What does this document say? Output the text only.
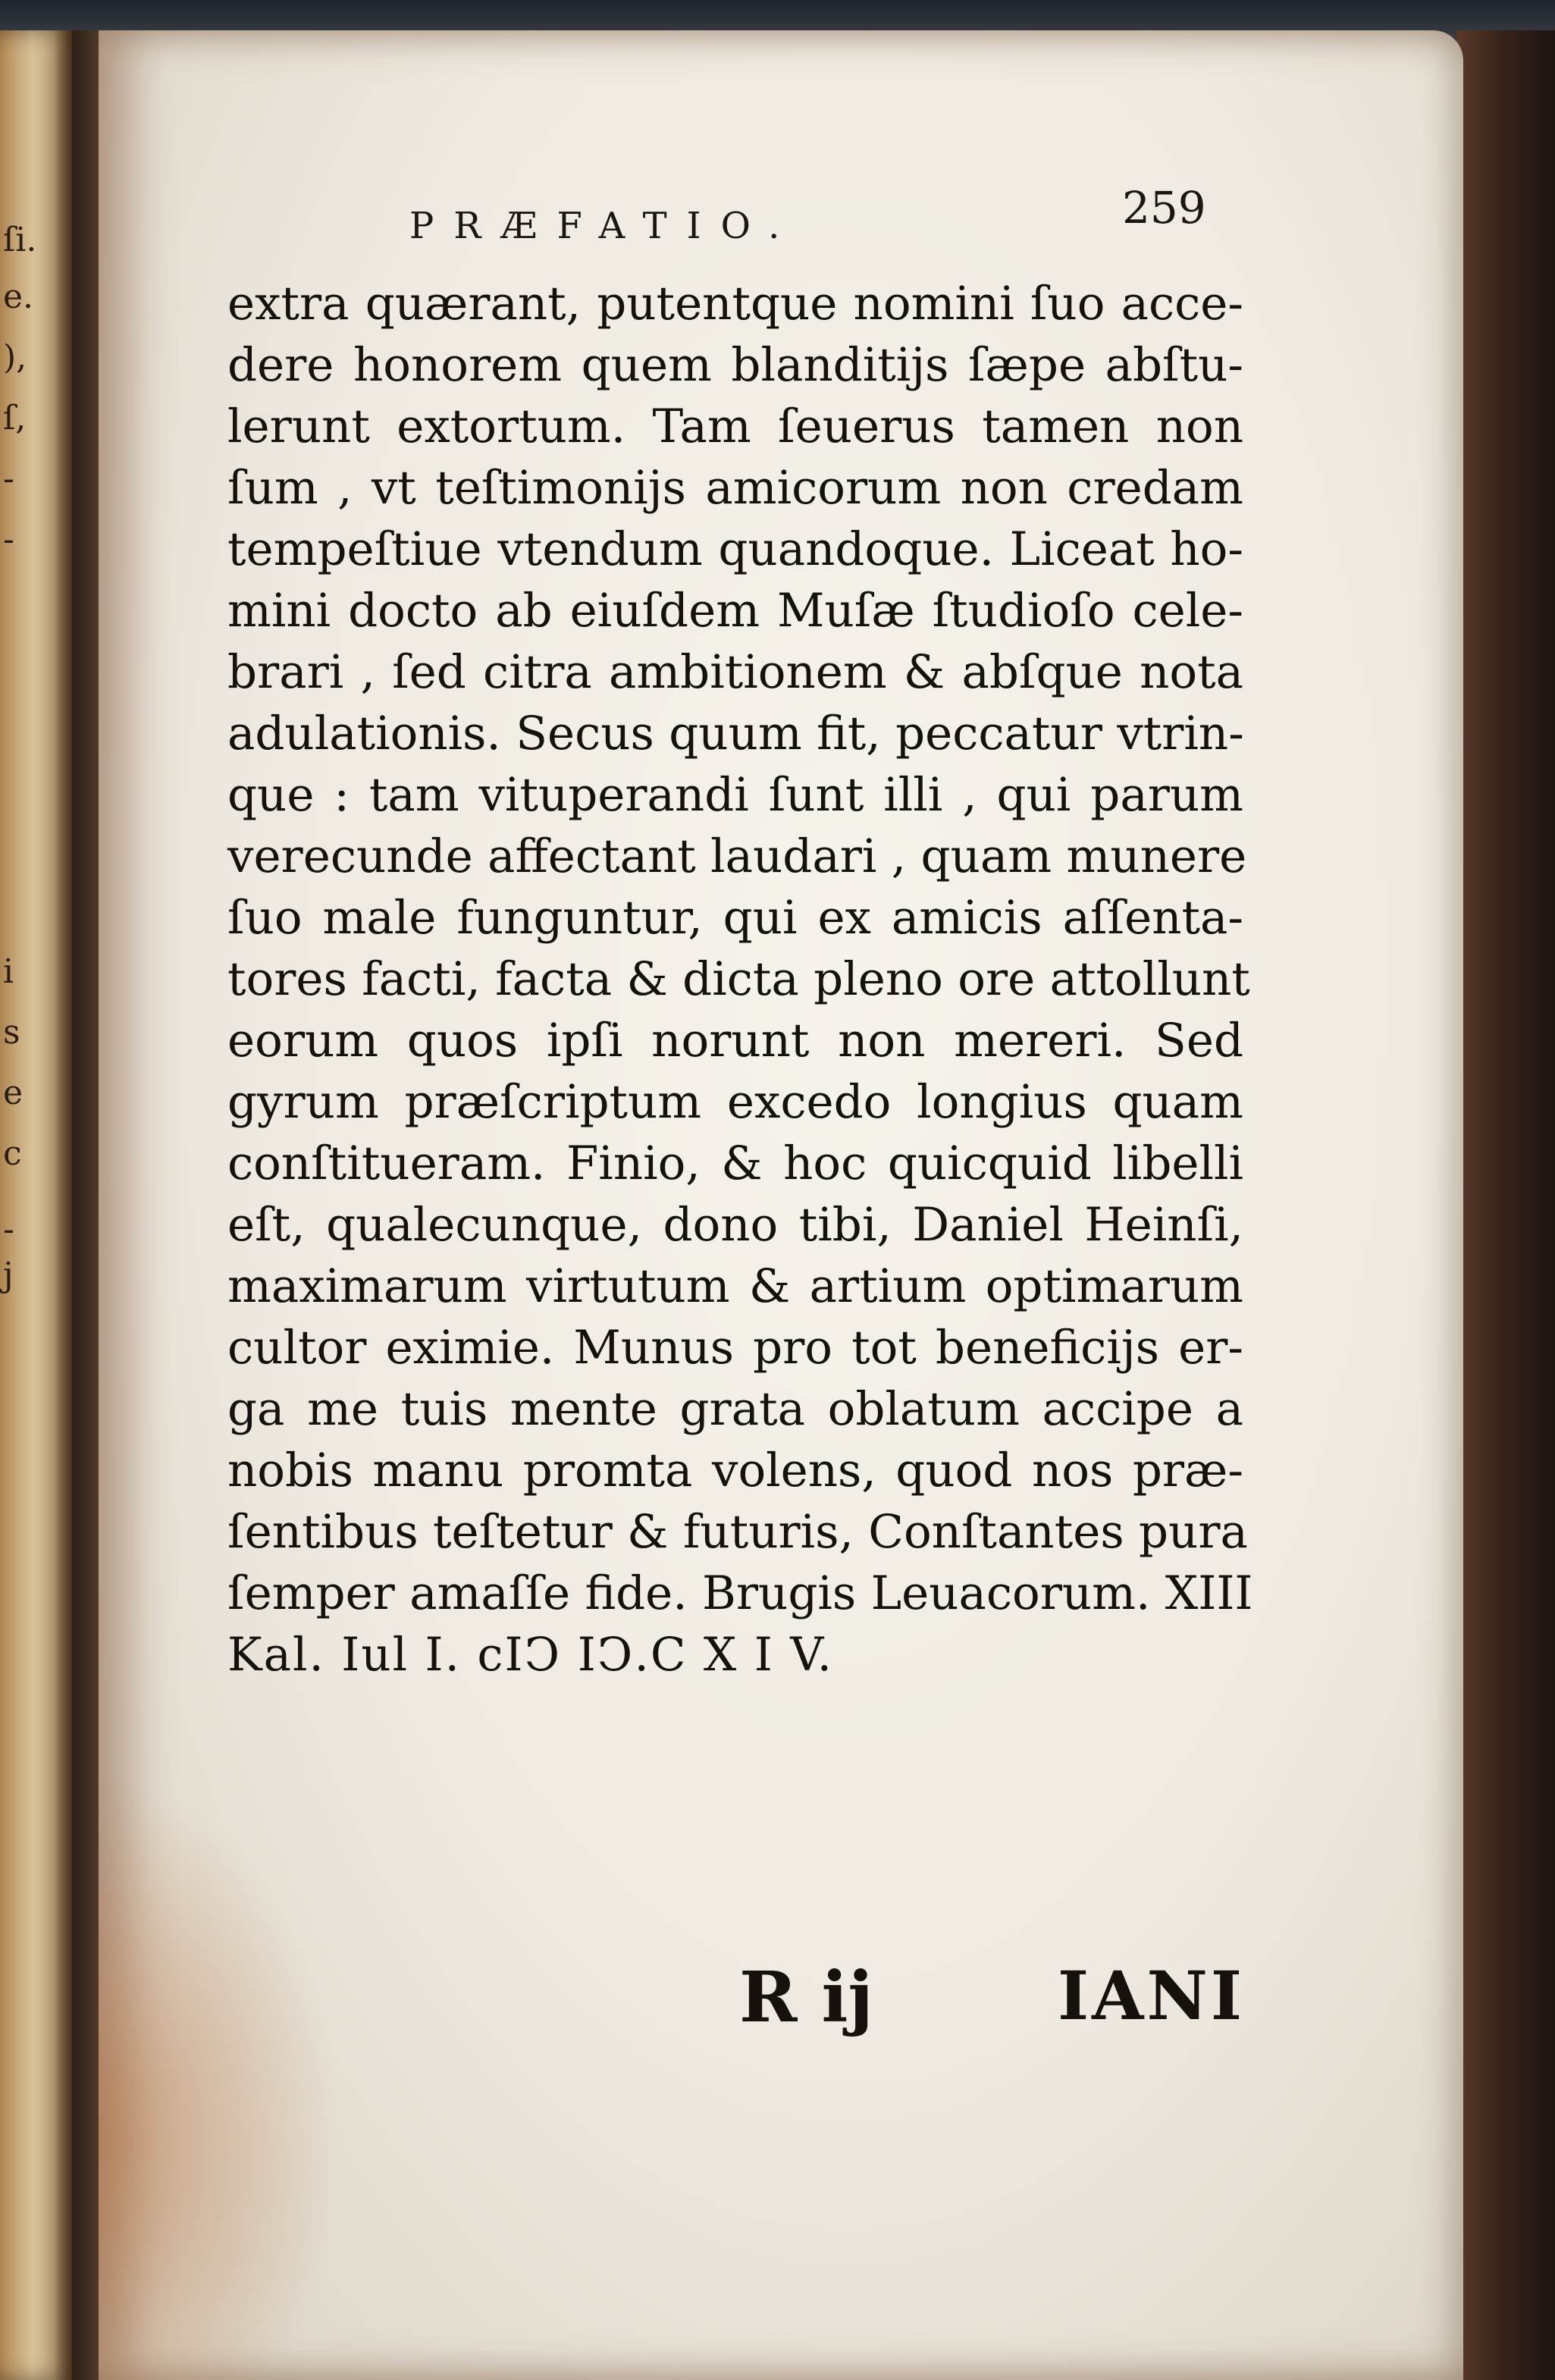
ſi.
e.
),
ſ,
-
-
i
s
e
c
-
j
PRÆFATIO.	259
extra quærant, putentque nomini ſuo acce-
dere honorem quem blanditijs ſæpe abſtu-
lerunt extortum. Tam ſeuerus tamen non
ſum , vt teſtimonijs amicorum non credam
tempeſtiue vtendum quandoque. Liceat ho-
mini docto ab eiuſdem Muſæ ſtudioſo cele-
brari , ſed citra ambitionem & abſque nota
adulationis. Secus quum fit, peccatur vtrin-
que : tam vituperandi ſunt illi , qui parum
verecunde affectant laudari , quam munere
ſuo male funguntur, qui ex amicis aſſenta-
tores facti, facta & dicta pleno ore attollunt
eorum quos ipſi norunt non mereri. Sed
gyrum præſcriptum excedo longius quam
conſtitueram. Finio, & hoc quicquid libelli
eſt, qualecunque, dono tibi, Daniel Heinſi,
maximarum virtutum & artium optimarum
cultor eximie. Munus pro tot beneficijs er-
ga me tuis mente grata oblatum accipe a
nobis manu promta volens, quod nos præ-
ſentibus teſtetur & futuris, Conſtantes pura
ſemper amaſſe fide. Brugis Leuacorum. XIII
Kal. Iul I. cIↃ IↃ.C X I V.
R ij	IANI
